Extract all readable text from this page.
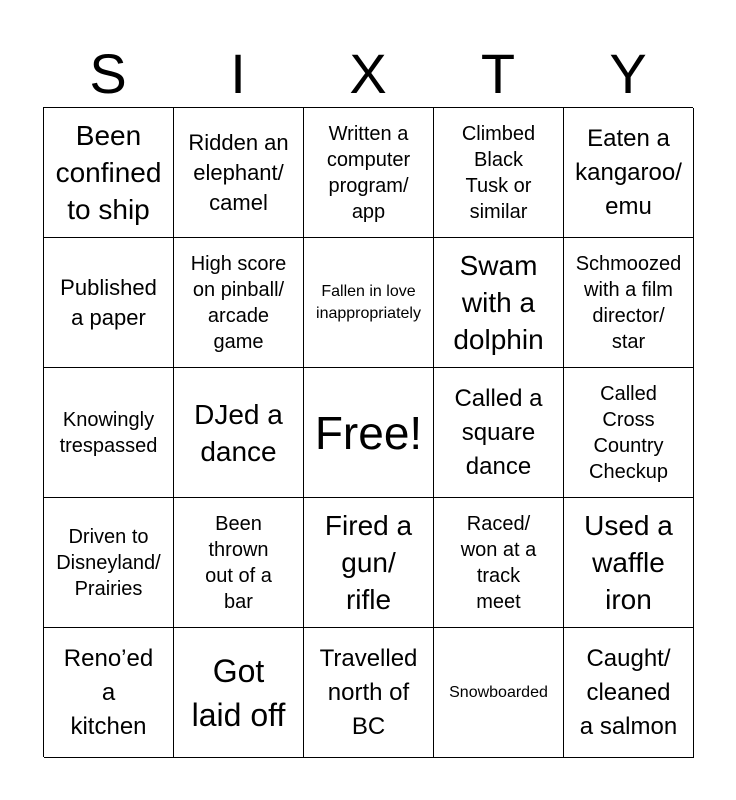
S	I	X	T	Y
Been
confined
to ship
Ridden an
elephant/
camel
Written a
computer
program/
app
Climbed
Black
Tusk or
similar
Eaten a
kangaroo/
emu
Published
a paper
High score
on pinball/
arcade
game
Fallen in love
inappropriately
Swam
with a
dolphin
Schmoozed
with a film
director/
star
Knowingly
trespassed
DJed a
dance Free!
Called a
square
dance
Called
Cross
Country
Checkup
Driven to
Disneyland/
Prairies
Been
thrown
out of a
bar
Fired a
gun/
rifle
Raced/
won at a
track
meet
Used a
waffle
iron
Reno’ed
a
kitchen
Got
laid off
Travelled
north of
BC
Snowboarded
Caught/
cleaned
a salmon
